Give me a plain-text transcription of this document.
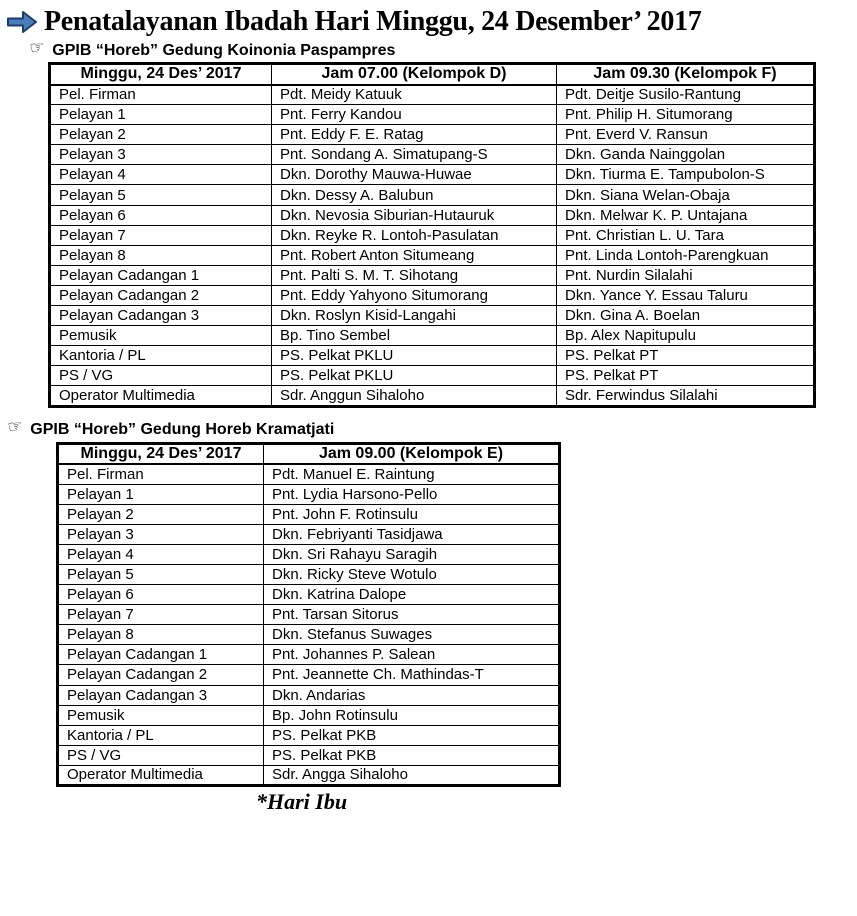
Penatalayanan Ibadah Hari Minggu, 24 Desember’ 2017
☞ GPIB “Horeb” Gedung Koinonia Paspampres
Minggu, 24 Des’ 2017	Jam 07.00 (Kelompok D)	Jam 09.30 (Kelompok F)
Pel. Firman	Pdt. Meidy Katuuk	Pdt. Deitje Susilo-Rantung
Pelayan 1	Pnt. Ferry Kandou	Pnt. Philip H. Situmorang
Pelayan 2	Pnt. Eddy F. E. Ratag	Pnt. Everd V. Ransun
Pelayan 3	Pnt. Sondang A. Simatupang-S	Dkn. Ganda Nainggolan
Pelayan 4	Dkn. Dorothy Mauwa-Huwae	Dkn. Tiurma E. Tampubolon-S
Pelayan 5	Dkn. Dessy A. Balubun	Dkn. Siana Welan-Obaja
Pelayan 6	Dkn. Nevosia Siburian-Hutauruk	Dkn. Melwar K. P. Untajana
Pelayan 7	Dkn. Reyke R. Lontoh-Pasulatan	Pnt. Christian L. U. Tara
Pelayan 8	Pnt. Robert Anton Situmeang	Pnt. Linda Lontoh-Parengkuan
Pelayan Cadangan 1	Pnt. Palti S. M. T. Sihotang	Pnt. Nurdin Silalahi
Pelayan Cadangan 2	Pnt. Eddy Yahyono Situmorang	Dkn. Yance Y. Essau Taluru
Pelayan Cadangan 3	Dkn. Roslyn Kisid-Langahi	Dkn. Gina A. Boelan
Pemusik	Bp. Tino Sembel	Bp. Alex Napitupulu
Kantoria / PL	PS. Pelkat PKLU	PS. Pelkat PT
PS / VG	PS. Pelkat PKLU	PS. Pelkat PT
Operator Multimedia	Sdr. Anggun Sihaloho	Sdr. Ferwindus Silalahi
☞ GPIB “Horeb” Gedung Horeb Kramatjati
Minggu, 24 Des’ 2017	Jam 09.00 (Kelompok E)
Pel. Firman	Pdt. Manuel E. Raintung
Pelayan 1	Pnt. Lydia Harsono-Pello
Pelayan 2	Pnt. John F. Rotinsulu
Pelayan 3	Dkn. Febriyanti Tasidjawa
Pelayan 4	Dkn. Sri Rahayu Saragih
Pelayan 5	Dkn. Ricky Steve Wotulo
Pelayan 6	Dkn. Katrina Dalope
Pelayan 7	Pnt. Tarsan Sitorus
Pelayan 8	Dkn. Stefanus Suwages
Pelayan Cadangan 1	Pnt. Johannes P. Salean
Pelayan Cadangan 2	Pnt. Jeannette Ch. Mathindas-T
Pelayan Cadangan 3	Dkn. Andarias
Pemusik	Bp. John Rotinsulu
Kantoria / PL	PS. Pelkat PKB
PS / VG	PS. Pelkat PKB
Operator Multimedia	Sdr. Angga Sihaloho
*Hari Ibu
